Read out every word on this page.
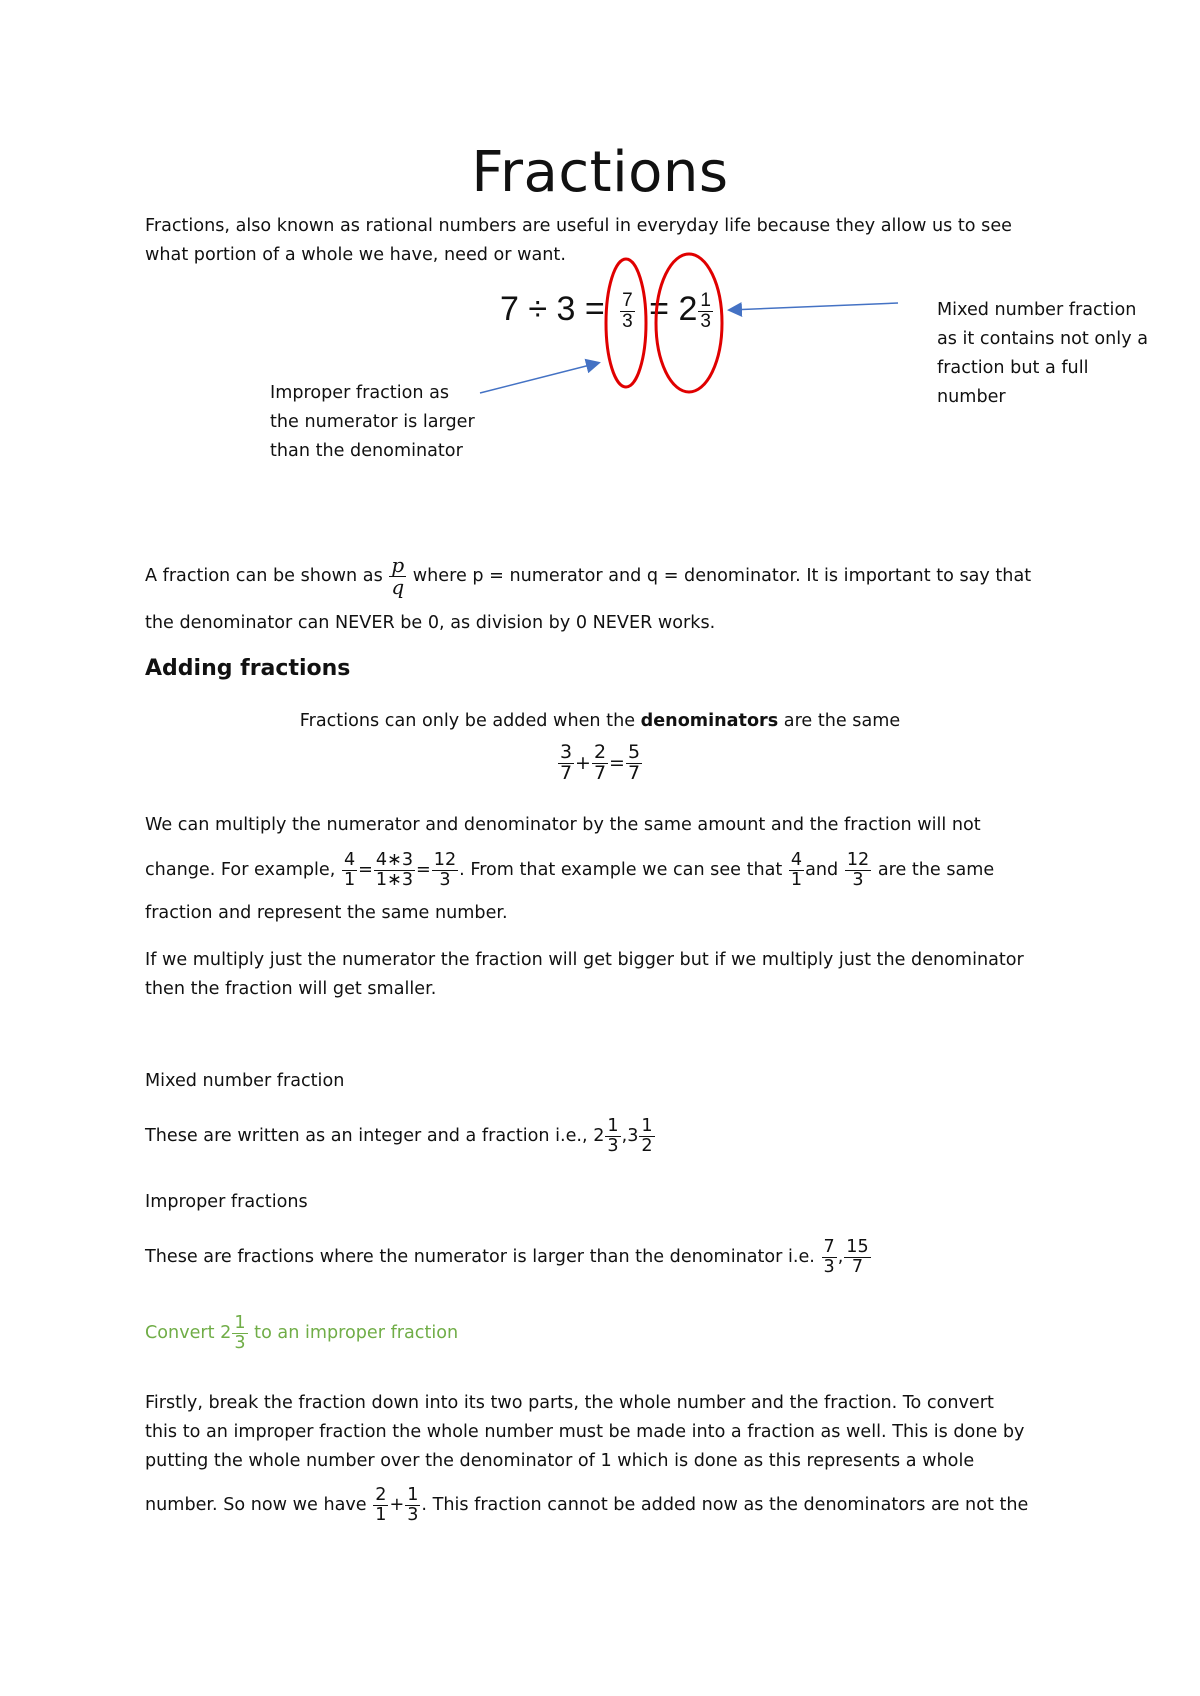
Fractions
Fractions, also known as rational numbers are useful in everyday life because they allow us to see
what portion of a whole we have, need or want.
$7 \div 3 = \frac{7}{3} = 2 \frac{1}{3}$
Improper fraction as
the numerator is larger
than the denominator
Mixed number fraction
as it contains not only a
fraction but a full
number
A fraction can be shown as $\frac{p}{q}$ where p = numerator and q = denominator. It is important to say that
the denominator can NEVER be 0, as division by 0 NEVER works.
Adding fractions
Fractions can only be added when the denominators are the same
$\frac{3}{7} + \frac{2}{7} = \frac{5}{7}$
We can multiply the numerator and denominator by the same amount and the fraction will not
change. For example, $\frac{4}{1} = \frac{4∗3}{1∗3} = \frac{12}{3}$ . From that example we can see that $\frac{4}{1}$ and $\frac{12}{3}$ are the same
fraction and represent the same number.
If we multiply just the numerator the fraction will get bigger but if we multiply just the denominator
then the fraction will get smaller.
Mixed number fraction
These are written as an integer and a fraction i.e., $2 \frac{1}{3} ,3 \frac{1}{2}$
Improper fractions
These are fractions where the numerator is larger than the denominator i.e. $\frac{7}{3}$ , $\frac{15}{7}$
Convert $2 \frac{1}{3}$ to an improper fraction
Firstly, break the fraction down into its two parts, the whole number and the fraction. To convert
this to an improper fraction the whole number must be made into a fraction as well. This is done by
putting the whole number over the denominator of 1 which is done as this represents a whole
number. So now we have $\frac{2}{1} + \frac{1}{3}$ . This fraction cannot be added now as the denominators are not the
